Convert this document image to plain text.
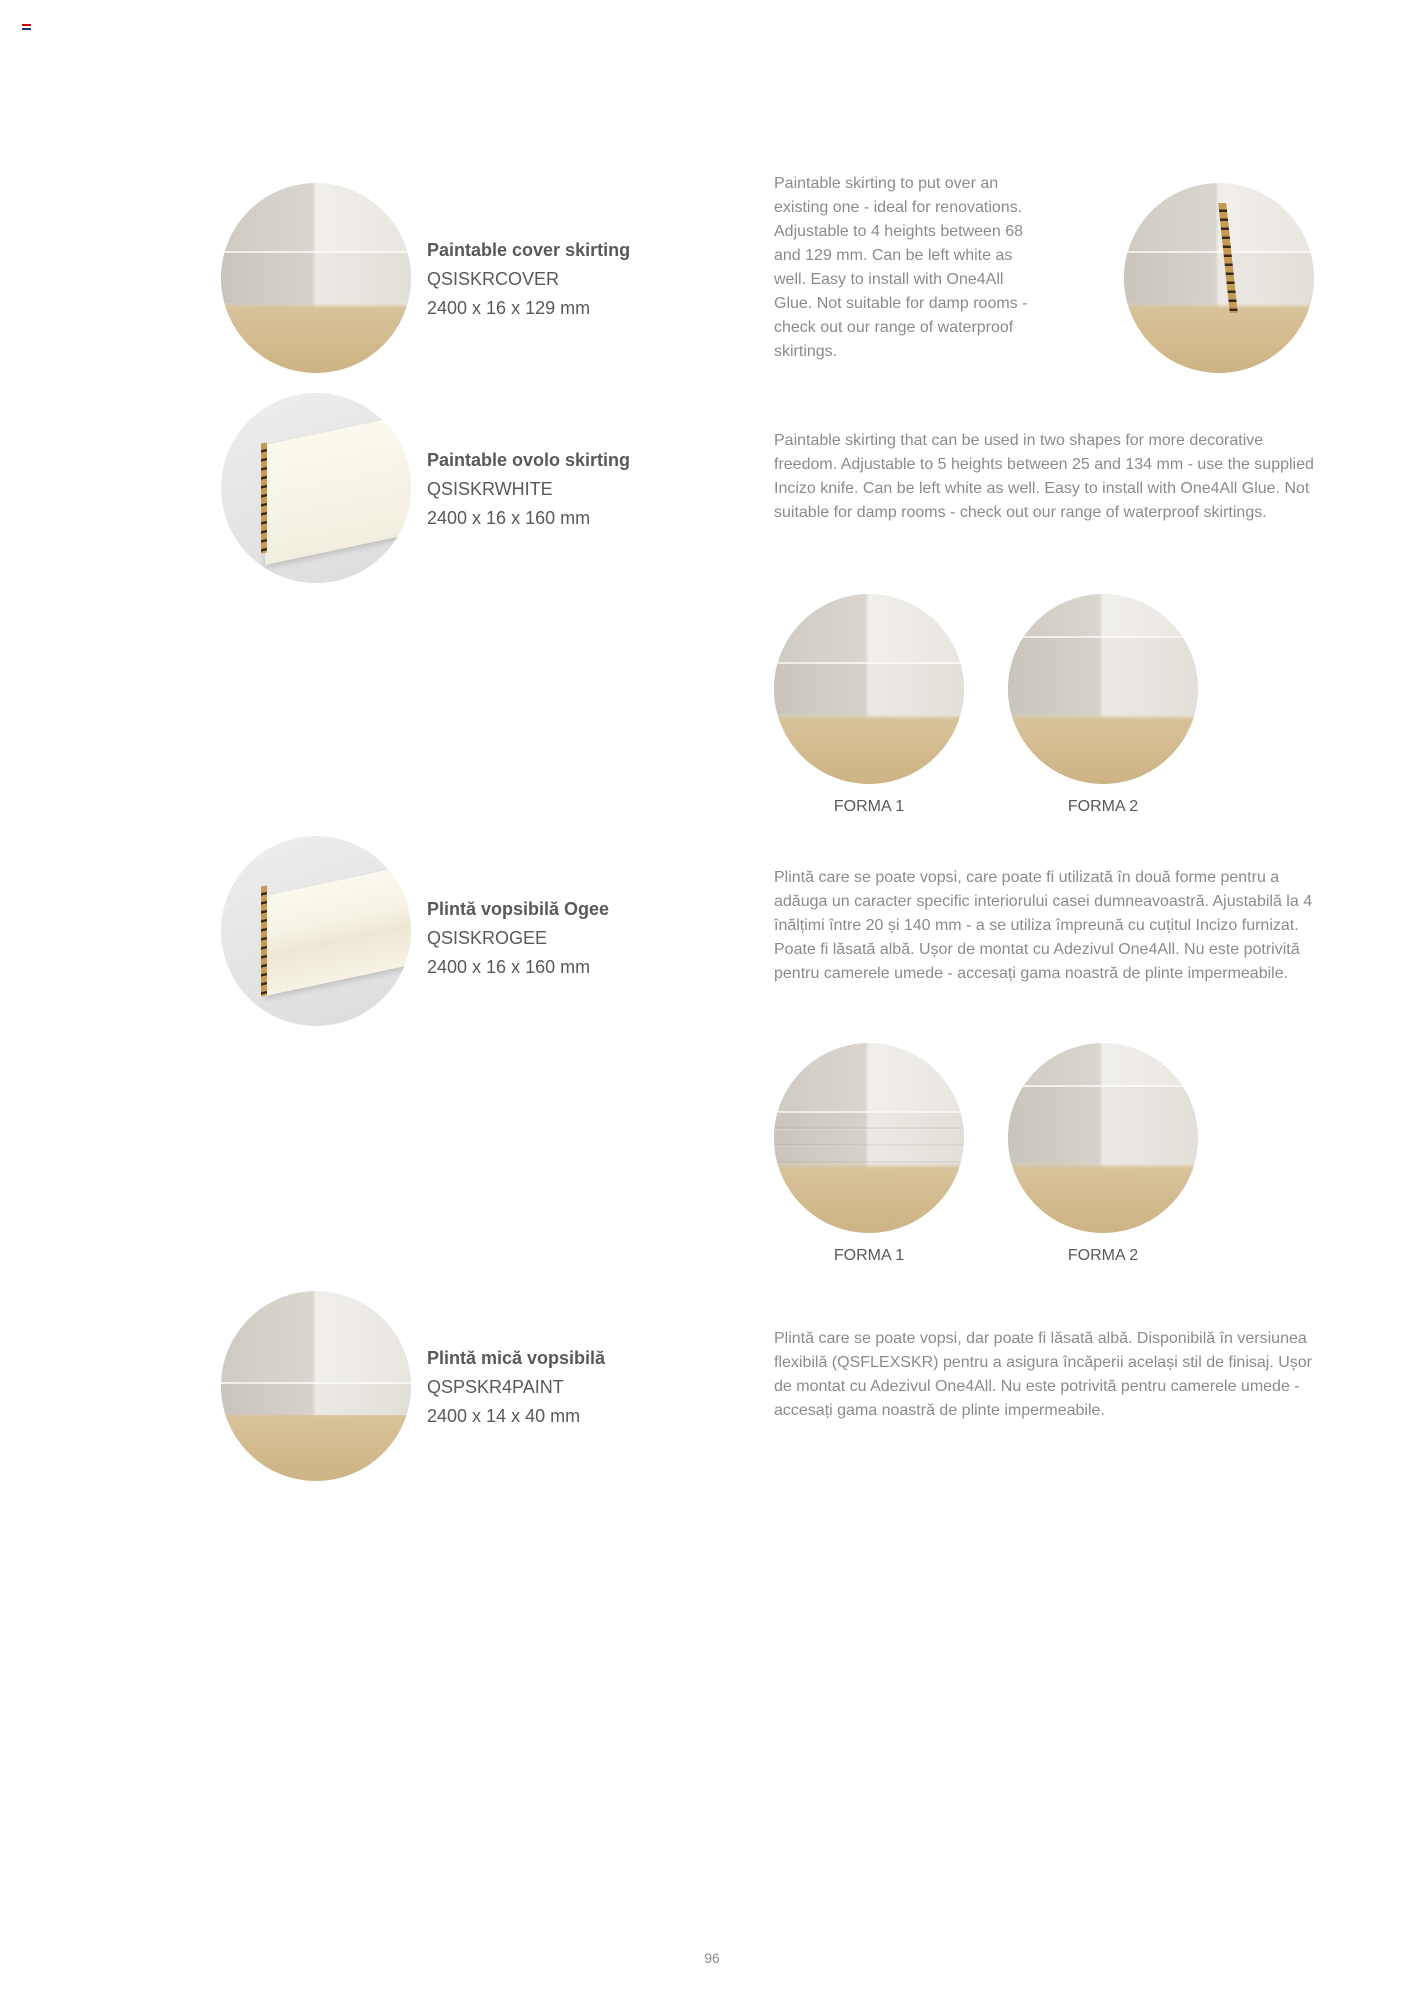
Paintable cover skirting
QSISKRCOVER
2400 x 16 x 129 mm

Paintable skirting to put over an existing one - ideal for renovations. Adjustable to 4 heights between 68 and 129 mm. Can be left white as well. Easy to install with One4All Glue. Not suitable for damp rooms - check out our range of waterproof skirtings.

Paintable ovolo skirting
QSISKRWHITE
2400 x 16 x 160 mm

Paintable skirting that can be used in two shapes for more decorative freedom. Adjustable to 5 heights between 25 and 134 mm - use the supplied Incizo knife. Can be left white as well. Easy to install with One4All Glue. Not suitable for damp rooms - check out our range of waterproof skirtings.

FORMA 1	FORMA 2
Plintă vopsibilă Ogee
QSISKROGEE
2400 x 16 x 160 mm

Plintă care se poate vopsi, care poate fi utilizată în două forme pentru a adăuga un caracter specific interiorului casei dumneavoastră. Ajustabilă la 4 înălțimi între 20 și 140 mm - a se utiliza împreună cu cuțitul Incizo furnizat. Poate fi lăsată albă. Ușor de montat cu Adezivul One4All. Nu este potrivită pentru camerele umede - accesați gama noastră de plinte impermeabile.

FORMA 1	FORMA 2
Plintă mică vopsibilă
QSPSKR4PAINT
2400 x 14 x 40 mm

Plintă care se poate vopsi, dar poate fi lăsată albă. Disponibilă în versiunea flexibilă (QSFLEXSKR) pentru a asigura încăperii același stil de finisaj. Ușor de montat cu Adezivul One4All. Nu este potrivită pentru camerele umede - accesați gama noastră de plinte impermeabile.

96
